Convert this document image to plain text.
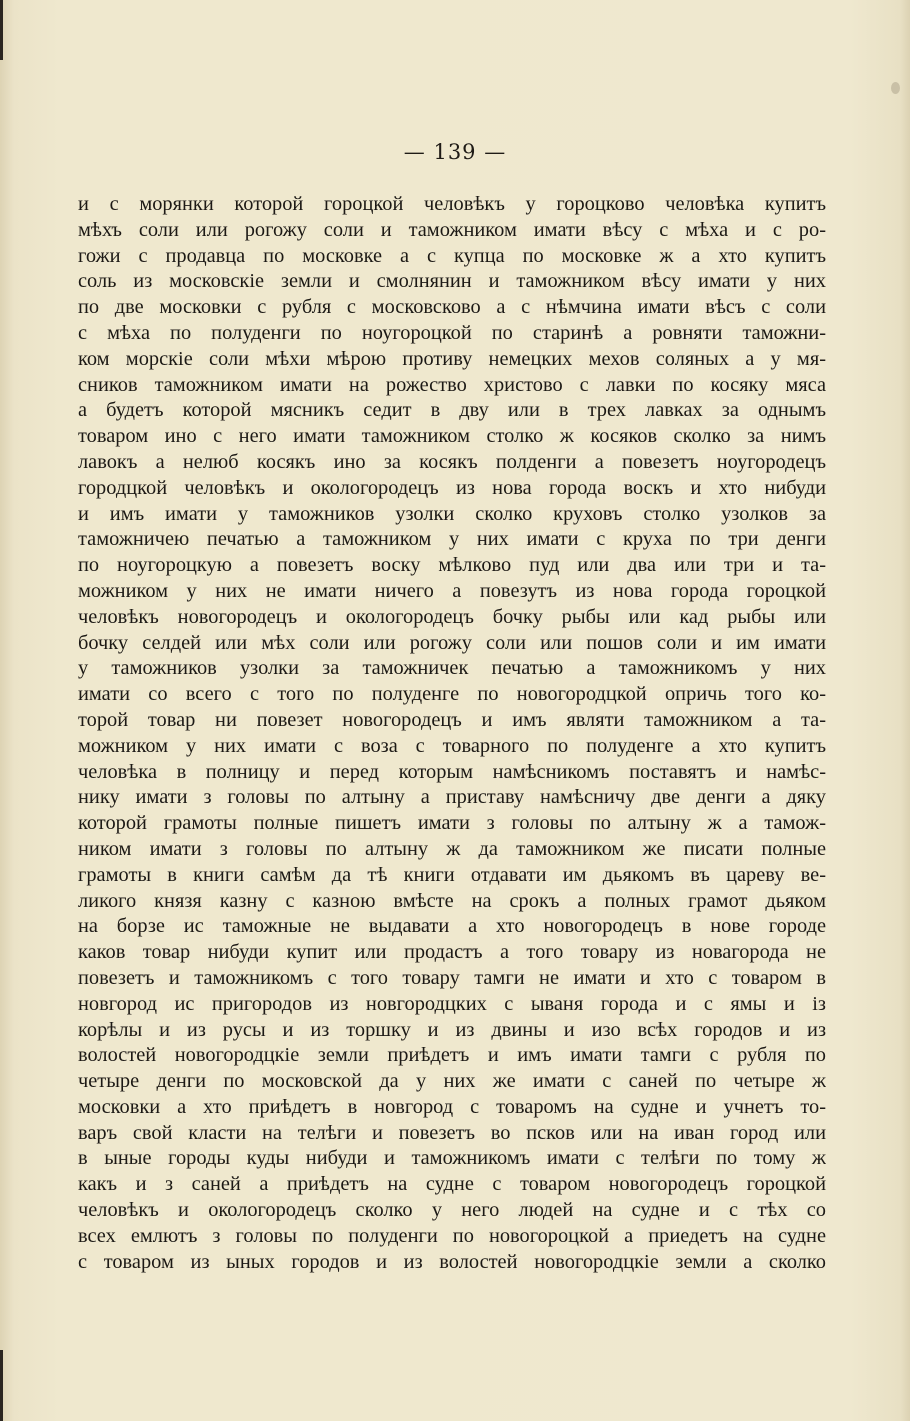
— 139 —
и с морянки которой гороцкой человѣкъ у гороцково человѣка купитъ
мѣхъ соли или рогожу соли и таможником имати вѣсу с мѣха и с ро-
гожи с продавца по московке а с купца по московке ж а хто купитъ
соль из московскіе земли и смолнянин и таможником вѣсу имати у них
по две московки с рубля с московсково а с нѣмчина имати вѣсъ с соли
с мѣха по полуденги по ноугороцкой по старинѣ а ровняти таможни-
ком морскіе соли мѣхи мѣрою противу немецких мехов соляных а у мя-
сников таможником имати на рожество христово с лавки по косяку мяса
а будетъ которой мясникъ седит в дву или в трех лавках за однымъ
товаром ино с него имати таможником столко ж косяков сколко за нимъ
лавокъ а нелюб косякъ ино за косякъ полденги а повезетъ ноугородецъ
городцкой человѣкъ и окологородецъ из нова города воскъ и хто нибуди
и имъ имати у таможников узолки сколко круховъ столко узолков за
таможничею печатью а таможником у них имати с круха по три денги
по ноугороцкую а повезетъ воску мѣлково пуд или два или три и та-
можником у них не имати ничего а повезутъ из нова города гороцкой
человѣкъ новогородецъ и окологородецъ бочку рыбы или кад рыбы или
бочку селдей или мѣх соли или рогожу соли или пошов соли и им имати
у таможников узолки за таможничек печатью а таможникомъ у них
имати со всего с того по полуденге по новогородцкой опричь того ко-
торой товар ни повезет новогородецъ и имъ являти таможником а та-
можником у них имати с воза с товарного по полуденге а хто купитъ
человѣка в полницу и перед которым намѣсникомъ поставятъ и намѣс-
нику имати з головы по алтыну а приставу намѣсничу две денги а дяку
которой грамоты полные пишетъ имати з головы по алтыну ж а тамож-
ником имати з головы по алтыну ж да таможником же писати полные
грамоты в книги самѣм да тѣ книги отдавати им дьякомъ въ цареву ве-
ликого князя казну с казною вмѣсте на срокъ а полных грамот дьяком
на борзе ис таможные не выдавати а хто новогородецъ в нове городе
каков товар нибуди купит или продастъ а того товару из новагорода не
повезетъ и таможникомъ с того товару тамги не имати и хто с товаром в
новгород ис пригородов из новгородцких с ываня города и с ямы и із
корѣлы и из русы и из торшку и из двины и изо всѣх городов и из
волостей новогородцкіе земли приѣдетъ и имъ имати тамги с рубля по
четыре денги по московской да у них же имати с саней по четыре ж
московки а хто приѣдетъ в новгород с товаромъ на судне и учнетъ то-
варъ свой класти на телѣги и повезетъ во псков или на иван город или
в ыные городы куды нибуди и таможникомъ имати с телѣги по тому ж
какъ и з саней а приѣдетъ на судне с товаром новогородецъ гороцкой
человѣкъ и окологородецъ сколко у него людей на судне и с тѣх со
всех емлютъ з головы по полуденги по новогороцкой а приедетъ на судне
с товаром из ыных городов и из волостей новогородцкіе земли а сколко
